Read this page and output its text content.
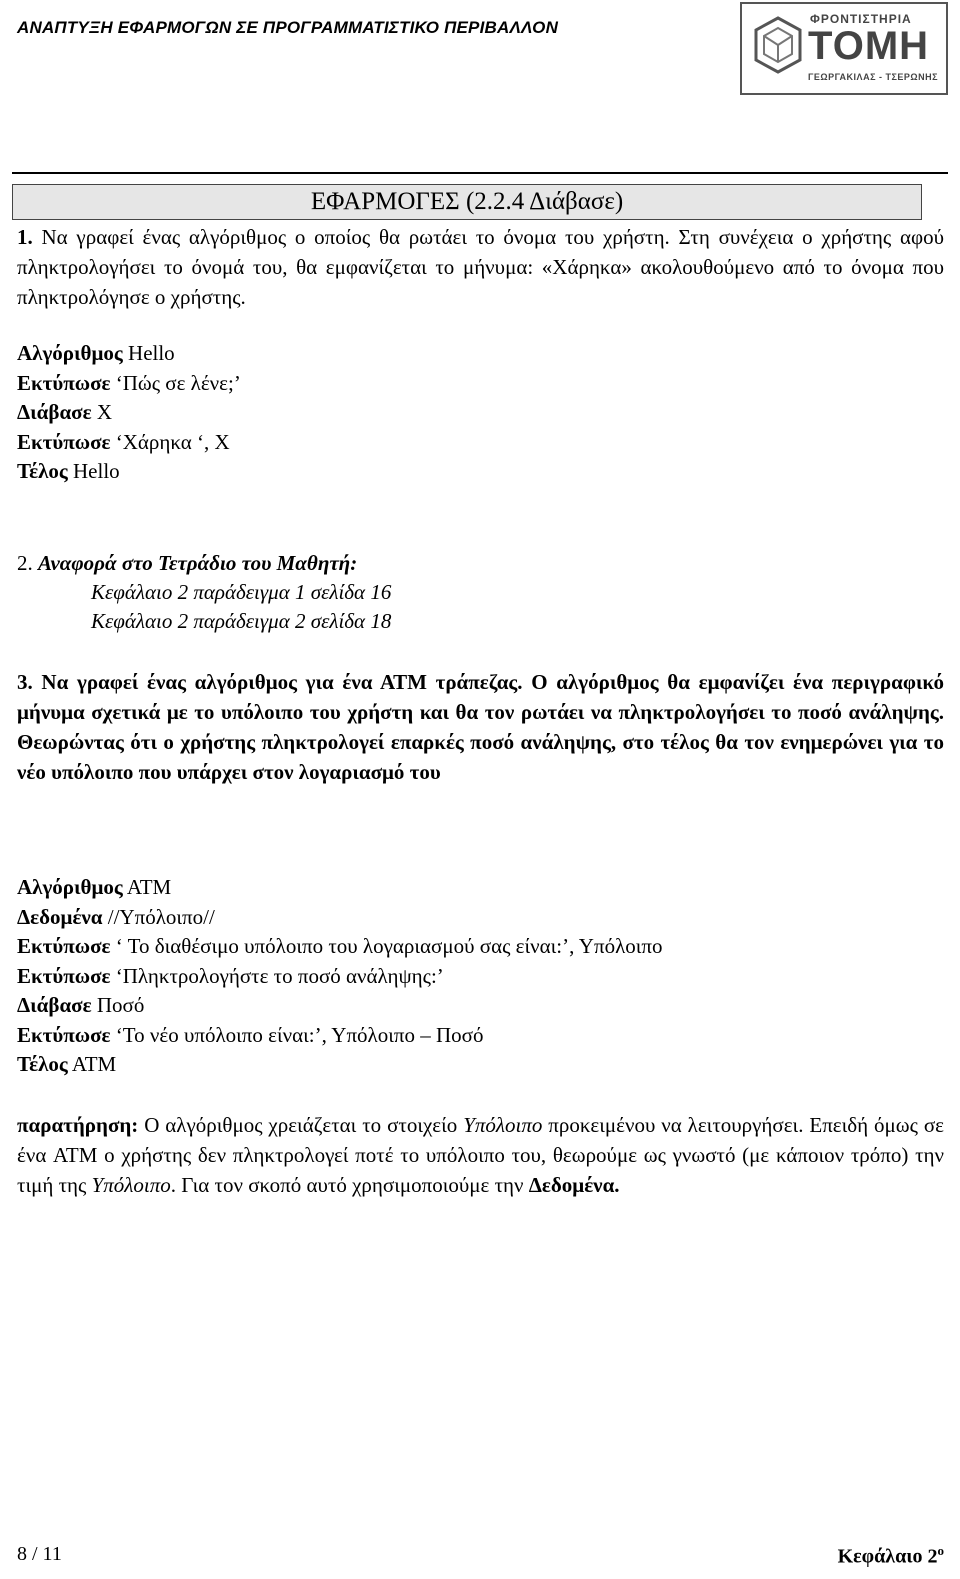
ΑΝΑΠΤΥΞΗ ΕΦΑΡΜΟΓΩΝ ΣΕ ΠΡΟΓΡΑΜΜΑΤΙΣΤΙΚΟ ΠΕΡΙΒΑΛΛΟΝ	ΦΡΟΝΤΙΣΤΗΡΙΑ
ΤΟΜΗ
ΓΕΩΡΓΑΚΙΛΑΣ - ΤΣΕΡΩΝΗΣ
ΕΦΑΡΜΟΓΕΣ (2.2.4 Διάβασε)
1. Να γραφεί ένας αλγόριθμος ο οποίος θα ρωτάει το όνομα του χρήστη. Στη συνέχεια ο χρήστης αφού πληκτρολογήσει το όνομά του, θα εμφανίζεται το μήνυμα: «Χάρηκα» ακολουθούμενο από το όνομα που πληκτρολόγησε ο χρήστης.
Αλγόριθμος Hello
Εκτύπωσε ‘Πώς σε λένε;’
Διάβασε Χ
Εκτύπωσε ‘Χάρηκα ‘, Χ
Τέλος Hello
2. Αναφορά στο Τετράδιο του Μαθητή:
Κεφάλαιο 2 παράδειγμα 1 σελίδα 16
Κεφάλαιο 2 παράδειγμα 2 σελίδα 18
3. Να γραφεί ένας αλγόριθμος για ένα ΑΤΜ τράπεζας. Ο αλγόριθμος θα εμφανίζει ένα περιγραφικό μήνυμα σχετικά με το υπόλοιπο του χρήστη και θα τον ρωτάει να πληκτρολογήσει το ποσό ανάληψης. Θεωρώντας ότι ο χρήστης πληκτρολογεί επαρκές ποσό ανάληψης, στο τέλος θα τον ενημερώνει για το νέο υπόλοιπο που υπάρχει στον λογαριασμό του
Αλγόριθμος ΑΤΜ
Δεδομένα //Υπόλοιπο//
Εκτύπωσε ‘ Το διαθέσιμο υπόλοιπο του λογαριασμού σας είναι:’, Υπόλοιπο
Εκτύπωσε ‘Πληκτρολογήστε το ποσό ανάληψης:’
Διάβασε Ποσό
Εκτύπωσε ‘Το νέο υπόλοιπο είναι:’, Υπόλοιπο – Ποσό
Τέλος ΑΤΜ
παρατήρηση: Ο αλγόριθμος χρειάζεται το στοιχείο Υπόλοιπο προκειμένου να λειτουργήσει. Επειδή όμως σε ένα ATM ο χρήστης δεν πληκτρολογεί ποτέ το υπόλοιπο του, θεωρούμε ως γνωστό (με κάποιον τρόπο) την τιμή της Υπόλοιπο. Για τον σκοπό αυτό χρησιμοποιούμε την Δεδομένα.
8 / 11	Κεφάλαιο $2^o$
